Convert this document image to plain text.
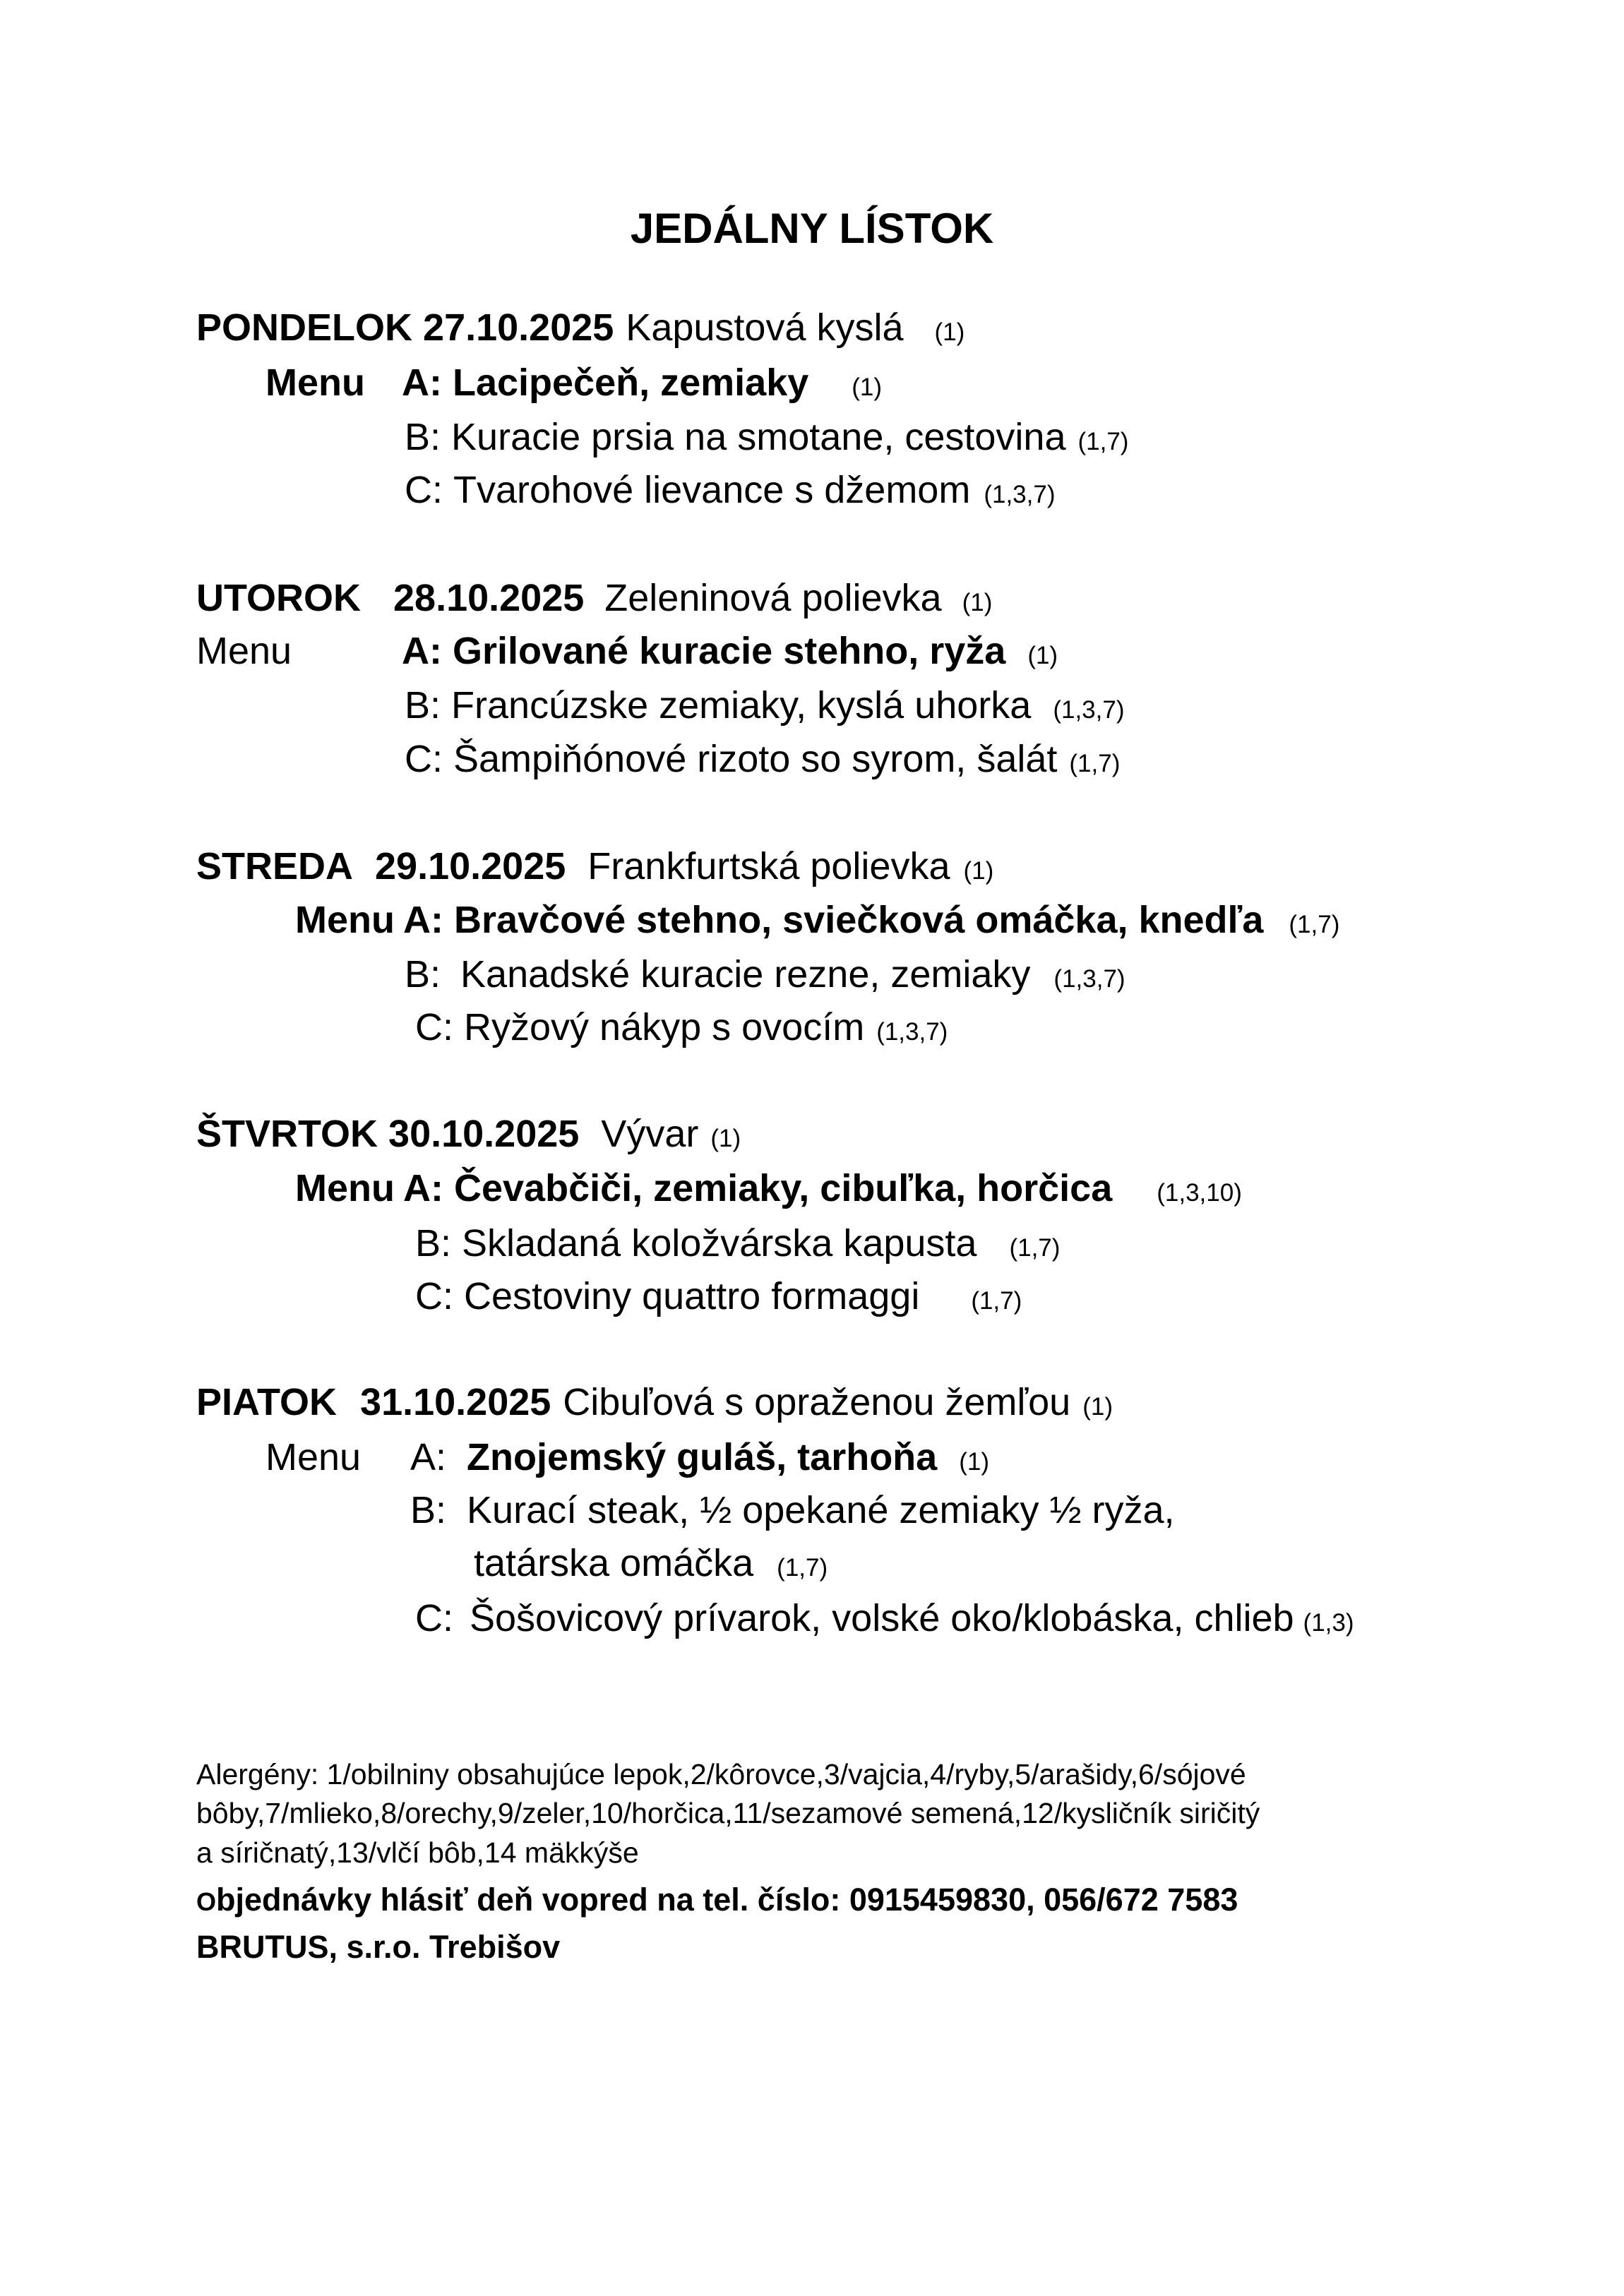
JEDÁLNY LÍSTOK
PONDELOK 27.10.2025 Kapustová kyslá (1)
Menu A: Lacipečeň, zemiaky (1)
B: Kuracie prsia na smotane, cestovina (1,7)
C: Tvarohové lievance s džemom (1,3,7)
UTOROK 28.10.2025 Zeleninová polievka (1)
Menu	A: Grilované kuracie stehno, ryža (1)
B: Francúzske zemiaky, kyslá uhorka (1,3,7)
C: Šampiňónové rizoto so syrom, šalát (1,7)
STREDA 29.10.2025 Frankfurtská polievka (1)
Menu A: Bravčové stehno, sviečková omáčka, knedľa (1,7)
B: Kanadské kuracie rezne, zemiaky (1,3,7)
C: Ryžový nákyp s ovocím (1,3,7)
ŠTVRTOK 30.10.2025 Vývar (1)
Menu A: Čevabčiči, zemiaky, cibuľka, horčica (1,3,10)
B: Skladaná koložvárska kapusta (1,7)
C: Cestoviny quattro formaggi (1,7)
PIATOK 31.10.2025 Cibuľová s opraženou žemľou (1)
Menu A: Znojemský guláš, tarhoňa (1)
B: Kurací steak, ½ opekané zemiaky ½ ryža,
tatárska omáčka (1,7)
C: Šošovicový prívarok, volské oko/klobáska, chlieb (1,3)
Alergény: 1/obilniny obsahujúce lepok,2/kôrovce,3/vajcia,4/ryby,5/arašidy,6/sójové
bôby,7/mlieko,8/orechy,9/zeler,10/horčica,11/sezamové semená,12/kysličník siričitý
a síričnatý,13/vlčí bôb,14 mäkkýše
Objednávky hlásiť deň vopred na tel. číslo: 0915459830, 056/672 7583
BRUTUS, s.r.o. Trebišov
